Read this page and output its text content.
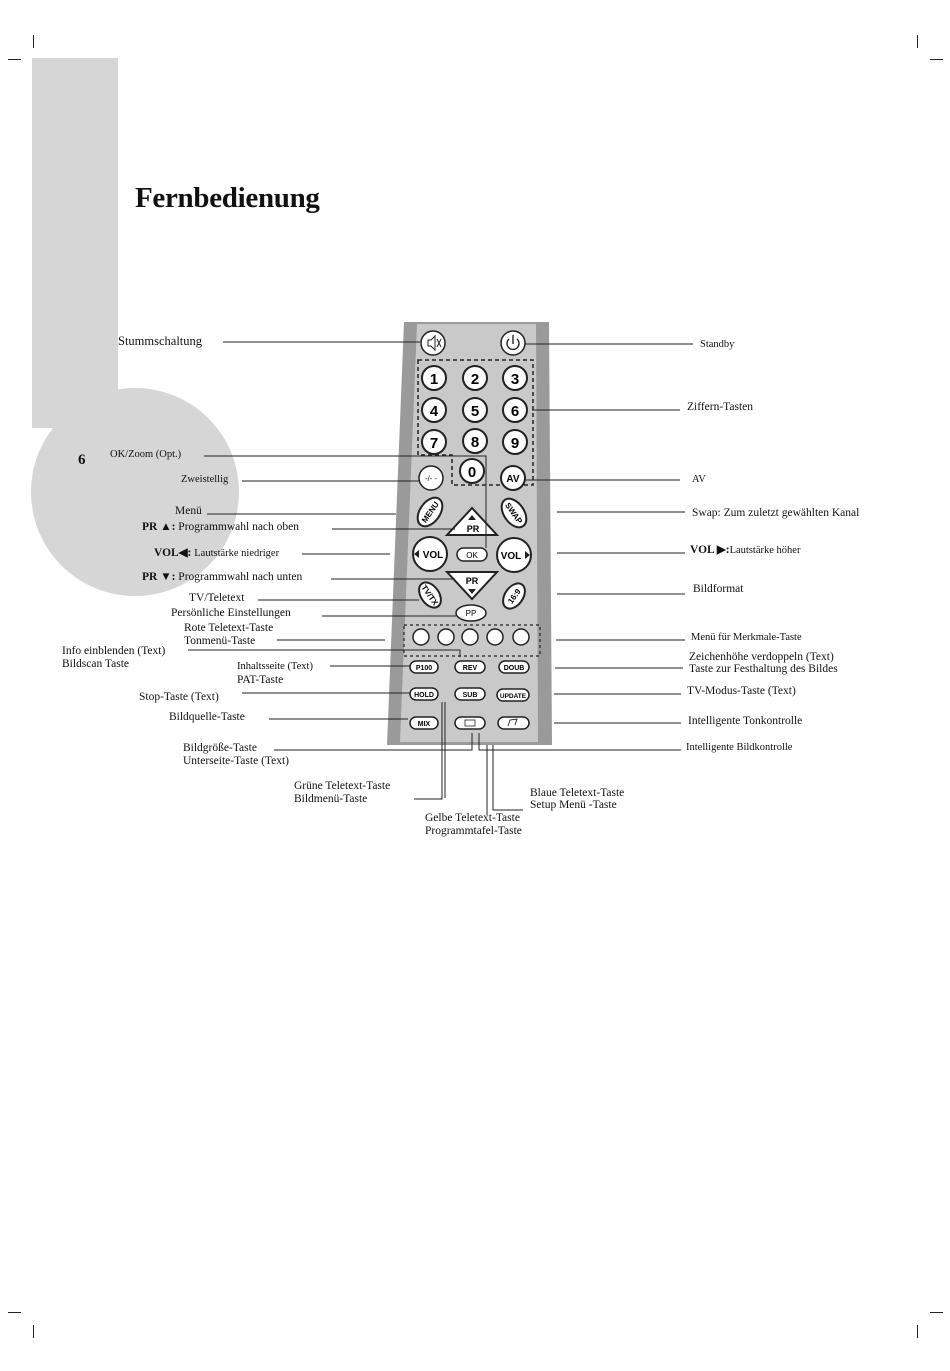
6
Fernbedienung
1 2 3
4 5 6
7 8 9
0
-/- -	AV
MENU	SWAP
PR
VOL	VOL
OK
PR
TV/TX	16:9
PP
P100	REV	DOUB
HOLD	SUB	UPDATE
MIX
Stummschaltung	Standby
Ziffern-Tasten
OK/Zoom (Opt.)
Zweistellig	AV
Menü	Swap: Zum zuletzt gewählten Kanal
PR ▲: Programmwahl nach oben
VOL◀: Lautstärke niedriger	VOL ▶:Lautstärke höher
PR ▼: Programmwahl nach unten
Bildformat
TV/Teletext
Persönliche Einstellungen
Rote Teletext-Taste
Tonmenü-Taste	Menü für Merkmale-Taste
Info einblenden (Text)
Bildscan Taste	Inhaltsseite (Text)
PAT-Taste
Zeichenhöhe verdoppeln (Text)
Taste zur Festhaltung des Bildes
Stop-Taste (Text)	TV-Modus-Taste (Text)
Bildquelle-Taste	Intelligente Tonkontrolle
Bildgröße-Taste
Unterseite-Taste (Text)
Intelligente Bildkontrolle
Grüne Teletext-Taste
Bildmenü-Taste	Blaue Teletext-Taste
Setup Menü -Taste
Gelbe Teletext-Taste
Programmtafel-Taste
